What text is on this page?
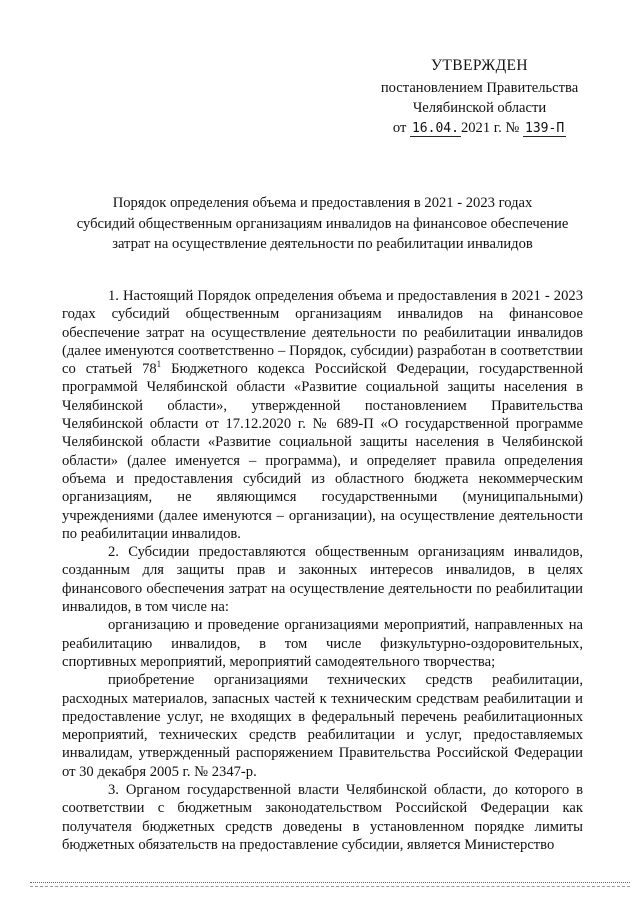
УТВЕРЖДЕН
постановлением Правительства
Челябинской области
от 16.04. 2021 г. № 139-П
Порядок определения объема и предоставления в 2021 - 2023 годах
субсидий общественным организациям инвалидов на финансовое обеспечение
затрат на осуществление деятельности по реабилитации инвалидов

1. Настоящий Порядок определения объема и предоставления в 2021 - 2023 годах субсидий общественным организациям инвалидов на финансовое обеспечение затрат на осуществление деятельности по реабилитации инвалидов (далее именуются соответственно – Порядок, субсидии) разработан в соответствии со статьей $78^1$ Бюджетного кодекса Российской Федерации, государственной программой Челябинской области «Развитие социальной защиты населения в Челябинской области», утвержденной постановлением Правительства Челябинской области от 17.12.2020 г. № 689-П «О государственной программе Челябинской области «Развитие социальной защиты населения в Челябинской области» (далее именуется – программа), и определяет правила определения объема и предоставления субсидий из областного бюджета некоммерческим организациям, не являющимся государственными (муниципальными) учреждениями (далее именуются – организации), на осуществление деятельности по реабилитации инвалидов.

2. Субсидии предоставляются общественным организациям инвалидов, созданным для защиты прав и законных интересов инвалидов, в целях финансового обеспечения затрат на осуществление деятельности по реабилитации инвалидов, в том числе на:

организацию и проведение организациями мероприятий, направленных на реабилитацию инвалидов, в том числе физкультурно-оздоровительных, спортивных мероприятий, мероприятий самодеятельного творчества;

приобретение организациями технических средств реабилитации, расходных материалов, запасных частей к техническим средствам реабилитации и предоставление услуг, не входящих в федеральный перечень реабилитационных мероприятий, технических средств реабилитации и услуг, предоставляемых инвалидам, утвержденный распоряжением Правительства Российской Федерации от 30 декабря 2005 г. № 2347-р.

3. Органом государственной власти Челябинской области, до которого в соответствии с бюджетным законодательством Российской Федерации как получателя бюджетных средств доведены в установленном порядке лимиты бюджетных обязательств на предоставление субсидии, является Министерство
